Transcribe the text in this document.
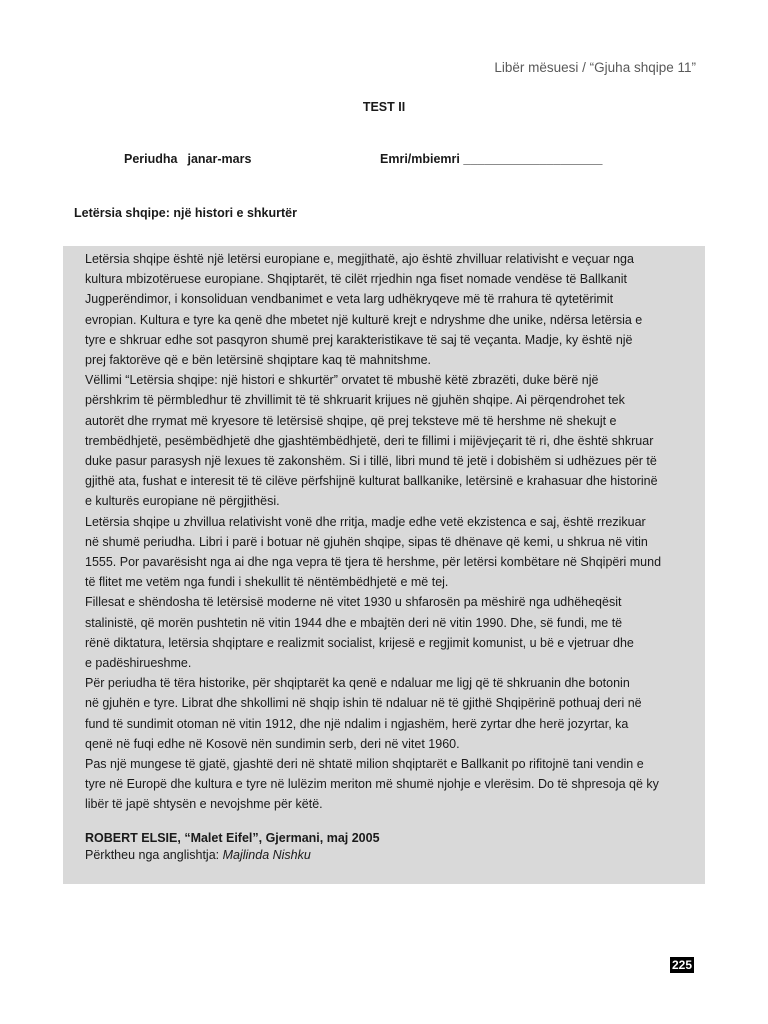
Libër mësuesi / “Gjuha shqipe 11”
TEST II
Periudha janar-mars	Emri/mbiemri ____________________
Letërsia shqipe: një histori e shkurtër
Letërsia shqipe është një letërsi europiane e, megjithatë, ajo është zhvilluar relativisht e veçuar nga
kultura mbizotëruese europiane. Shqiptarët, të cilët rrjedhin nga fiset nomade vendëse të Ballkanit
Jugperëndimor, i konsoliduan vendbanimet e veta larg udhëkryqeve më të rrahura të qytetërimit
evropian. Kultura e tyre ka qenë dhe mbetet një kulturë krejt e ndryshme dhe unike, ndërsa letërsia e
tyre e shkruar edhe sot pasqyron shumë prej karakteristikave të saj të veçanta. Madje, ky është një
prej faktorëve që e bën letërsinë shqiptare kaq të mahnitshme.
Vëllimi “Letërsia shqipe: një histori e shkurtër” orvatet të mbushë këtë zbrazëti, duke bërë një
përshkrim të përmbledhur të zhvillimit të të shkruarit krijues në gjuhën shqipe. Ai përqendrohet tek
autorët dhe rrymat më kryesore të letërsisë shqipe, që prej teksteve më të hershme në shekujt e
trembëdhjetë, pesëmbëdhjetë dhe gjashtëmbëdhjetë, deri te fillimi i mijëvjeçarit të ri, dhe është shkruar
duke pasur parasysh një lexues të zakonshëm. Si i tillë, libri mund të jetë i dobishëm si udhëzues për të
gjithë ata, fushat e interesit të të cilëve përfshijnë kulturat ballkanike, letërsinë e krahasuar dhe historinë
e kulturës europiane në përgjithësi.
Letërsia shqipe u zhvillua relativisht vonë dhe rritja, madje edhe vetë ekzistenca e saj, është rrezikuar
në shumë periudha. Libri i parë i botuar në gjuhën shqipe, sipas të dhënave që kemi, u shkrua në vitin
1555. Por pavarësisht nga ai dhe nga vepra të tjera të hershme, për letërsi kombëtare në Shqipëri mund
të flitet me vetëm nga fundi i shekullit të nëntëmbëdhjetë e më tej.
Fillesat e shëndosha të letërsisë moderne në vitet 1930 u shfarosën pa mëshirë nga udhëheqësit
stalinistë, që morën pushtetin në vitin 1944 dhe e mbajtën deri në vitin 1990. Dhe, së fundi, me të
rënë diktatura, letërsia shqiptare e realizmit socialist, krijesë e regjimit komunist, u bë e vjetruar dhe
e padëshirueshme.
Për periudha të tëra historike, për shqiptarët ka qenë e ndaluar me ligj që të shkruanin dhe botonin
në gjuhën e tyre. Librat dhe shkollimi në shqip ishin të ndaluar në të gjithë Shqipërinë pothuaj deri në
fund të sundimit otoman në vitin 1912, dhe një ndalim i ngjashëm, herë zyrtar dhe herë jozyrtar, ka
qenë në fuqi edhe në Kosovë nën sundimin serb, deri në vitet 1960.
Pas një mungese të gjatë, gjashtë deri në shtatë milion shqiptarët e Ballkanit po rifitojnë tani vendin e
tyre në Europë dhe kultura e tyre në lulëzim meriton më shumë njohje e vlerësim. Do të shpresoja që ky
libër të japë shtysën e nevojshme për këtë.
ROBERT ELSIE, “Malet Eifel”, Gjermani, maj 2005
Përktheu nga anglishtja: Majlinda Nishku
225
